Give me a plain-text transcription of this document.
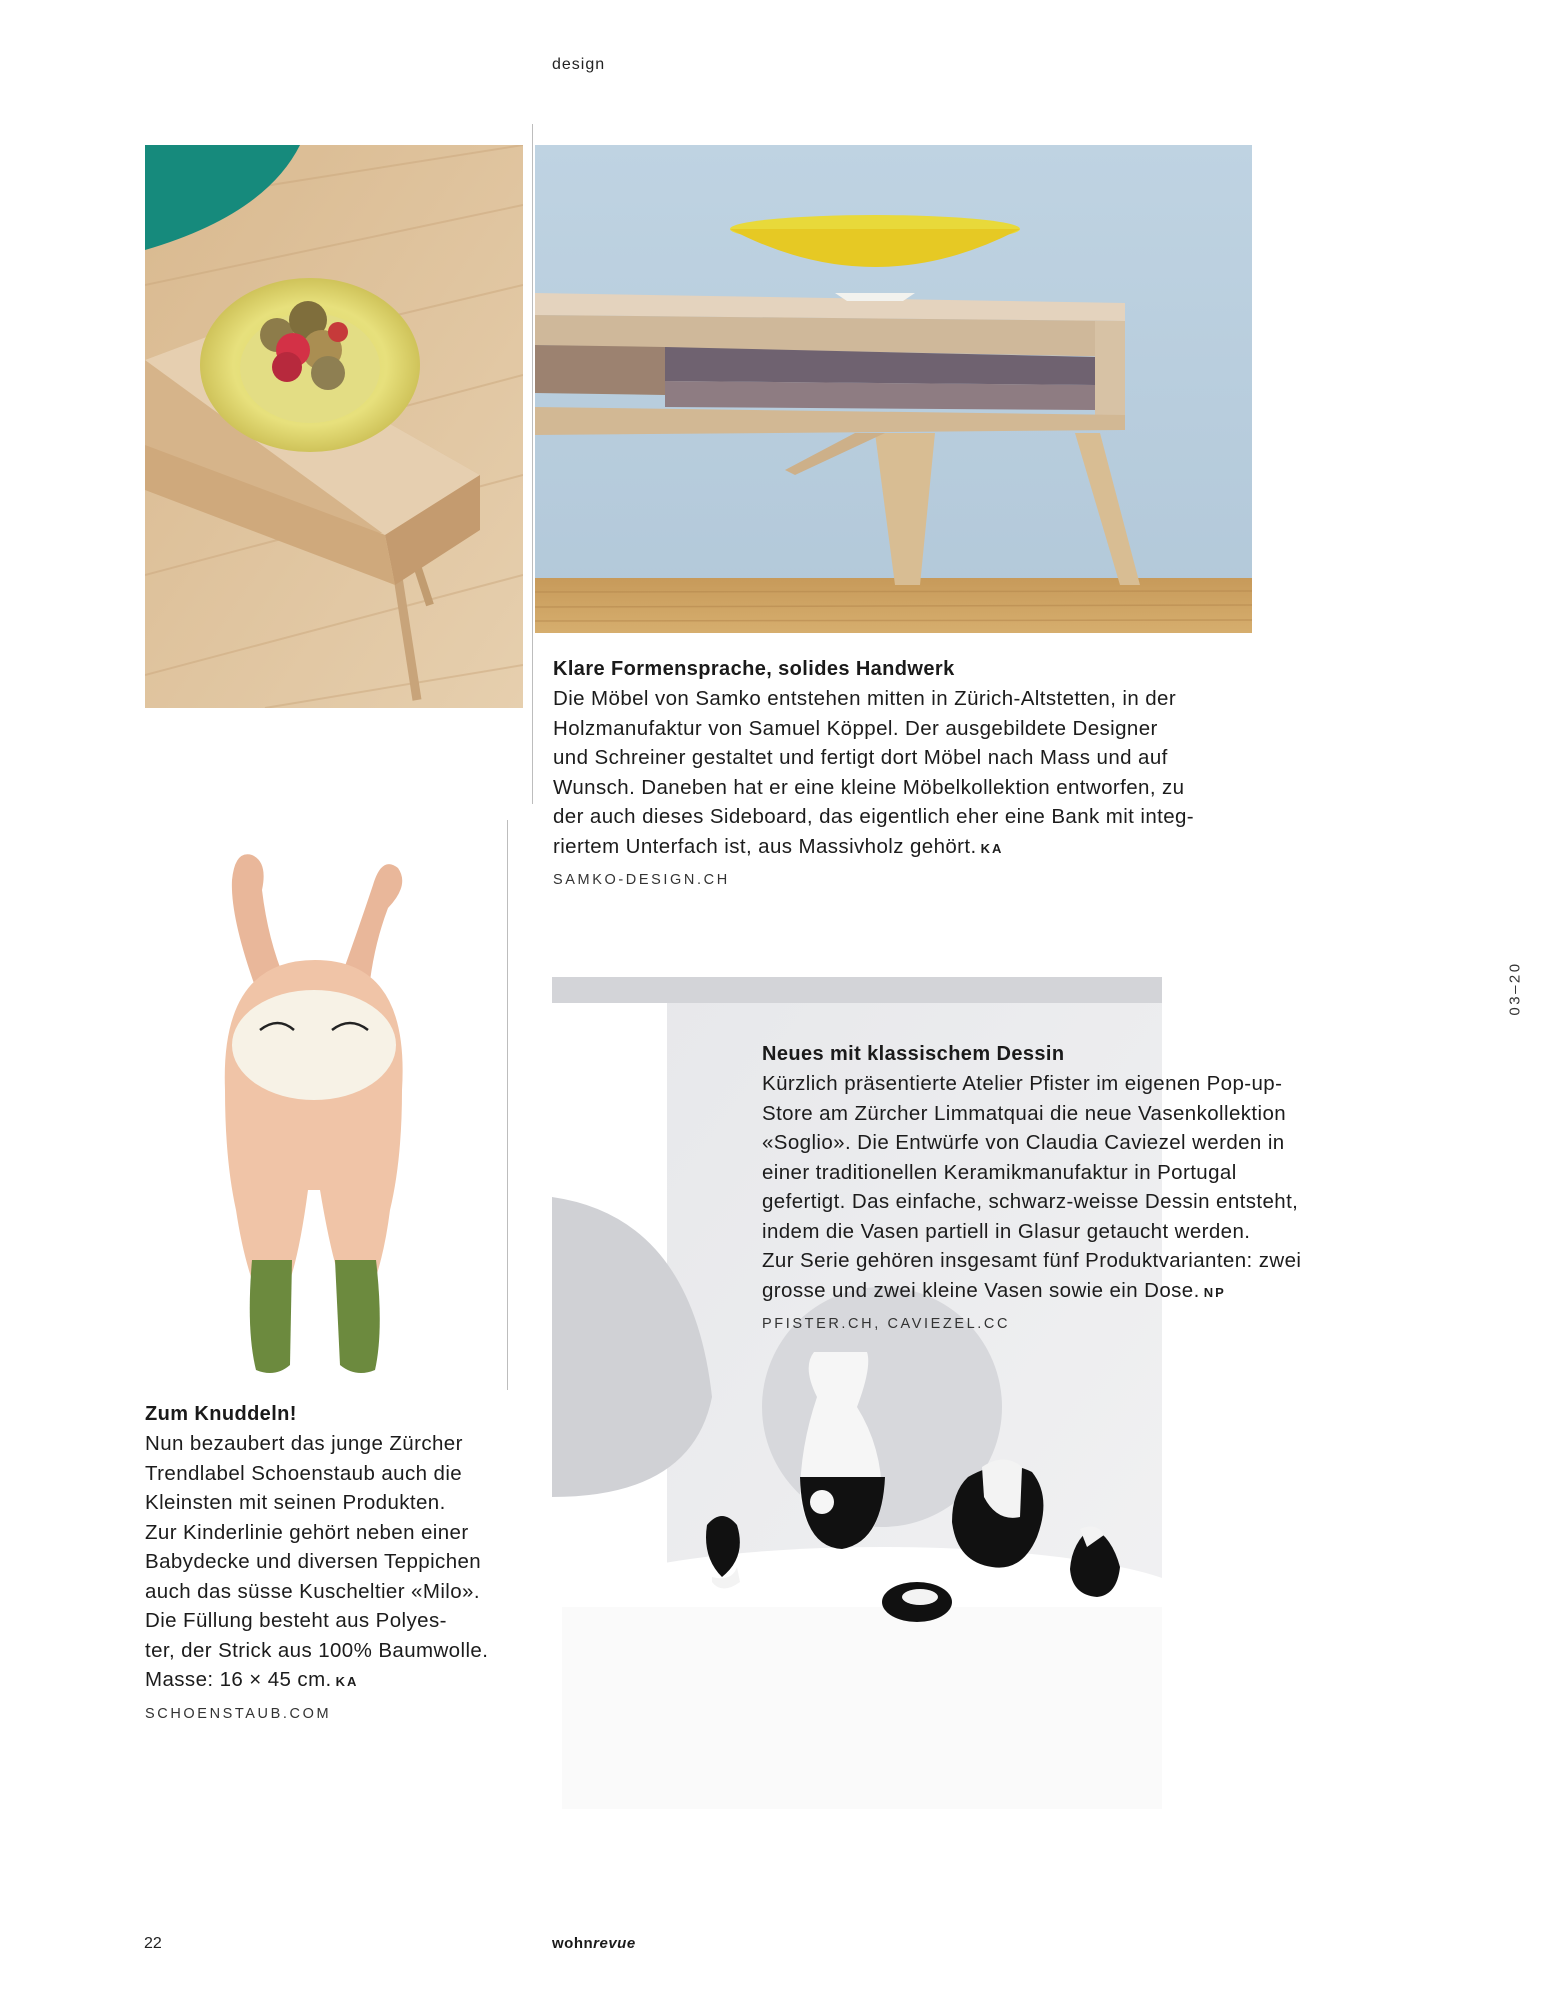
design
Klare Formensprache, solides Handwerk
Die Möbel von Samko entstehen mitten in Zürich-Altstetten, in der
Holzmanufaktur von Samuel Köppel. Der ausgebildete Designer
und Schreiner gestaltet und fertigt dort Möbel nach Mass und auf
Wunsch. Daneben hat er eine kleine Möbelkollektion entworfen, zu
der auch dieses Sideboard, das eigentlich eher eine Bank mit integ-
riertem Unterfach ist, aus Massivholz gehört. KA
SAMKO-DESIGN.CH
Zum Knuddeln!
Nun bezaubert das junge Zürcher
Trendlabel Schoenstaub auch die
Kleinsten mit seinen Produkten.
Zur Kinderlinie gehört neben einer
Babydecke und diversen Teppichen
auch das süsse Kuscheltier «Milo».
Die Füllung besteht aus Polyes-
ter, der Strick aus 100% Baumwolle.
Masse: 16 × 45 cm. KA
SCHOENSTAUB.COM
Neues mit klassischem Dessin
Kürzlich präsentierte Atelier Pfister im eigenen Pop-up-
Store am Zürcher Limmatquai die neue Vasenkollektion
«Soglio». Die Entwürfe von Claudia Caviezel werden in
einer traditionellen Keramikmanufaktur in Portugal
gefertigt. Das einfache, schwarz-weisse Dessin entsteht,
indem die Vasen partiell in Glasur getaucht werden.
Zur Serie gehören insgesamt fünf Produktvarianten: zwei
grosse und zwei kleine Vasen sowie ein Dose. NP
PFISTER.CH, CAVIEZEL.CC
03–20
22	wohnrevue
